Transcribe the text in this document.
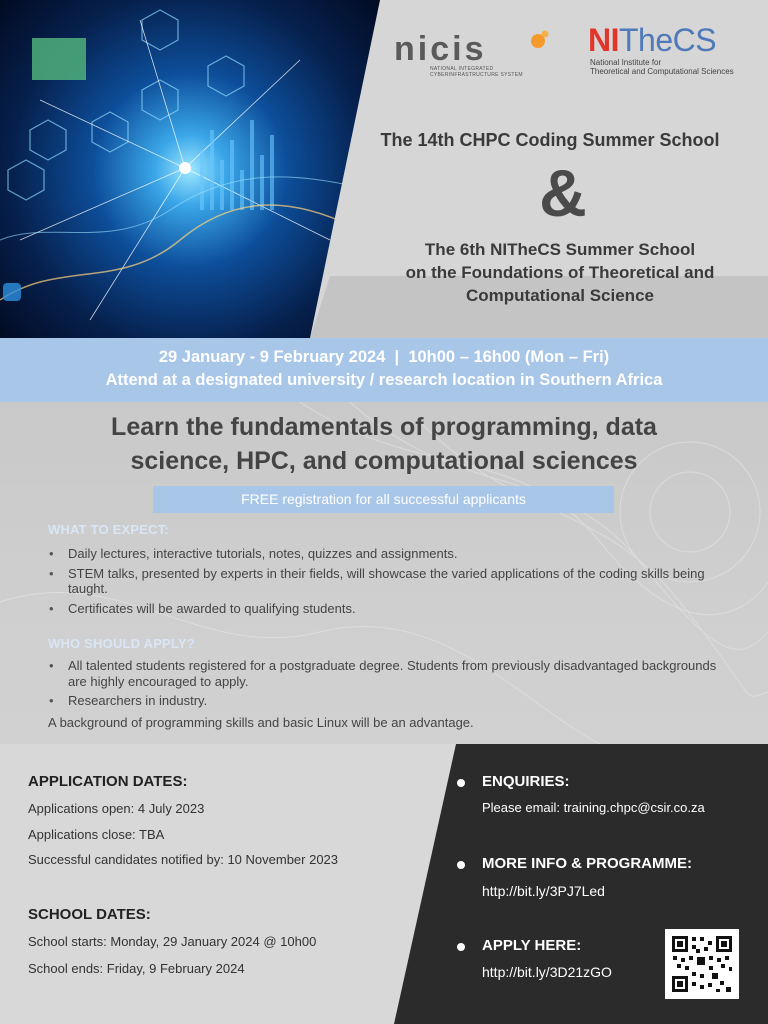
nicis
NATIONAL INTEGRATED
CYBERINFRASTRUCTURE SYSTEM
NITheCS
National Institute for
Theoretical and Computational Sciences
The 14th CHPC Coding Summer School
&
The 6th NITheCS Summer School
on the Foundations of Theoretical and
Computational Science
29 January - 9 February 2024  |  10h00 – 16h00 (Mon – Fri)
Attend at a designated university / research location in Southern Africa
Learn the fundamentals of programming, data
science, HPC, and computational sciences
FREE registration for all successful applicants
WHAT TO EXPECT:
• Daily lectures, interactive tutorials, notes, quizzes and assignments.
• STEM talks, presented by experts in their fields, will showcase the varied applications of the coding skills being taught.
• Certificates will be awarded to qualifying students.
WHO SHOULD APPLY?
• All talented students registered for a postgraduate degree. Students from previously disadvantaged backgrounds are highly encouraged to apply.
• Researchers in industry.
A background of programming skills and basic Linux will be an advantage.
APPLICATION DATES:
Applications open: 4 July 2023
Applications close: TBA
Successful candidates notified by: 10 November 2023
SCHOOL DATES:
School starts: Monday, 29 January 2024 @ 10h00
School ends: Friday, 9 February 2024
ENQUIRIES:
Please email: training.chpc@csir.co.za
MORE INFO & PROGRAMME:
http://bit.ly/3PJ7Led
APPLY HERE:
http://bit.ly/3D21zGO
